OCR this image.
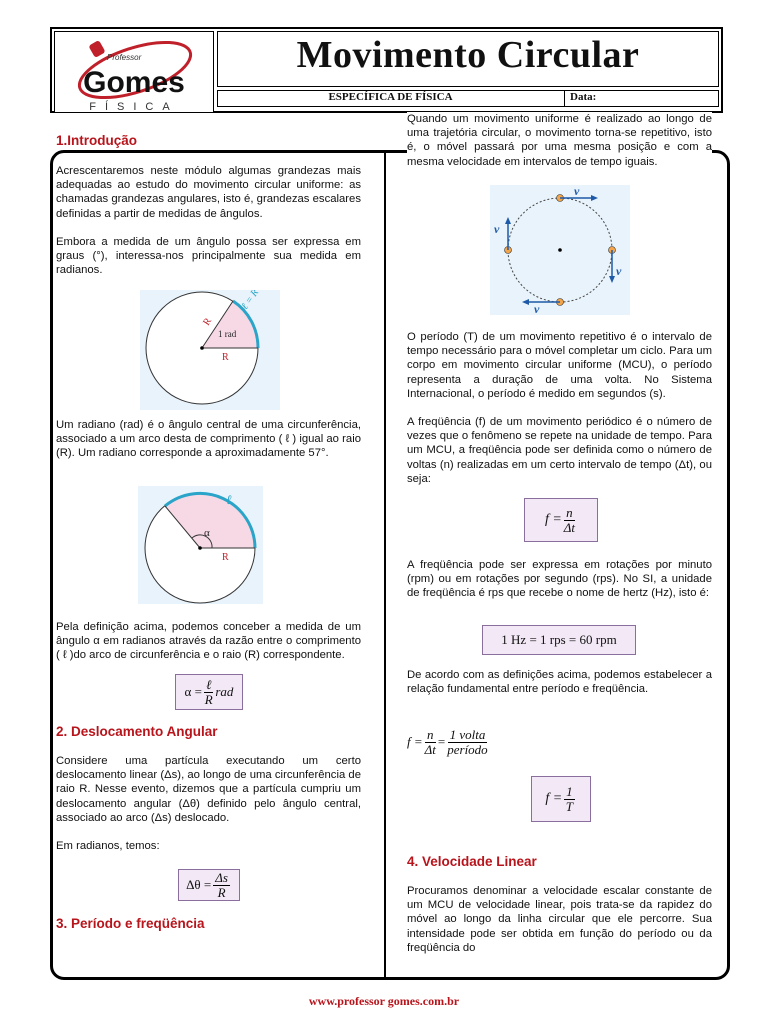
Professor
Gomes
FÍSICA
Movimento Circular
ESPECÍFICA DE FÍSICA	Data:
1.Introdução
Acrescentaremos neste módulo algumas grandezas mais adequadas ao estudo do movimento circular uniforme: as chamadas grandezas angulares, isto é, grandezas escalares definidas a partir de medidas de ângulos.
Embora a medida de um ângulo possa ser expressa em graus (°), interessa-nos principalmente sua medida em radianos.
R
R
1 rad
ℓ = R
Um radiano (rad) é o ângulo central de uma circunferência, associado a um arco desta de comprimento ( ℓ ) igual ao raio (R). Um radiano corresponde a aproximadamente 57°.
α
R
ℓ
Pela definição acima, podemos conceber a medida de um ângulo α em radianos através da razão entre o comprimento ( ℓ )do arco de circunferência e o raio (R) correspondente.
$\alpha = \frac{\text{ℓ}}{R}$ rad
2. Deslocamento Angular
Considere uma partícula executando um certo deslocamento linear (Δs), ao longo de uma circunferência de raio R. Nesse evento, dizemos que a partícula cumpriu um deslocamento angular (Δθ) definido pelo ângulo central, associado ao arco (Δs) deslocado.
Em radianos, temos:
$\Delta\theta = \frac{\Delta s}{R}$
3. Período e freqüência
Quando um movimento uniforme é realizado ao longo de uma trajetória circular, o movimento torna-se repetitivo, isto é, o móvel passará por uma mesma posição e com a mesma velocidade em intervalos de tempo iguais.
v
v
v
v
O período (T) de um movimento repetitivo é o intervalo de tempo necessário para o móvel completar um ciclo. Para um corpo em movimento circular uniforme (MCU), o período representa a duração de uma volta. No Sistema Internacional, o período é medido em segundos (s).
A freqüência (f) de um movimento periódico é o número de vezes que o fenômeno se repete na unidade de tempo. Para um MCU, a freqüência pode ser definida como o número de voltas (n) realizadas em um certo intervalo de tempo (Δt), ou seja:
$f = \frac{n}{\Delta t}$
A freqüência pode ser expressa em rotações por minuto (rpm) ou em rotações por segundo (rps). No SI, a unidade de freqüência é rps que recebe o nome de hertz (Hz), isto é:
1 Hz = 1 rps = 60 rpm
De acordo com as definições acima, podemos estabelecer a relação fundamental entre período e freqüência.
$f = \frac{n}{\Delta t} = \frac{\text{1 volta}}{\text{período}}$
$f = \frac{1}{T}$
4. Velocidade Linear
Procuramos denominar a velocidade escalar constante de um MCU de velocidade linear, pois trata-se da rapidez do móvel ao longo da linha circular que ele percorre. Sua intensidade pode ser obtida em função do período ou da freqüência do
www.professor gomes.com.br
